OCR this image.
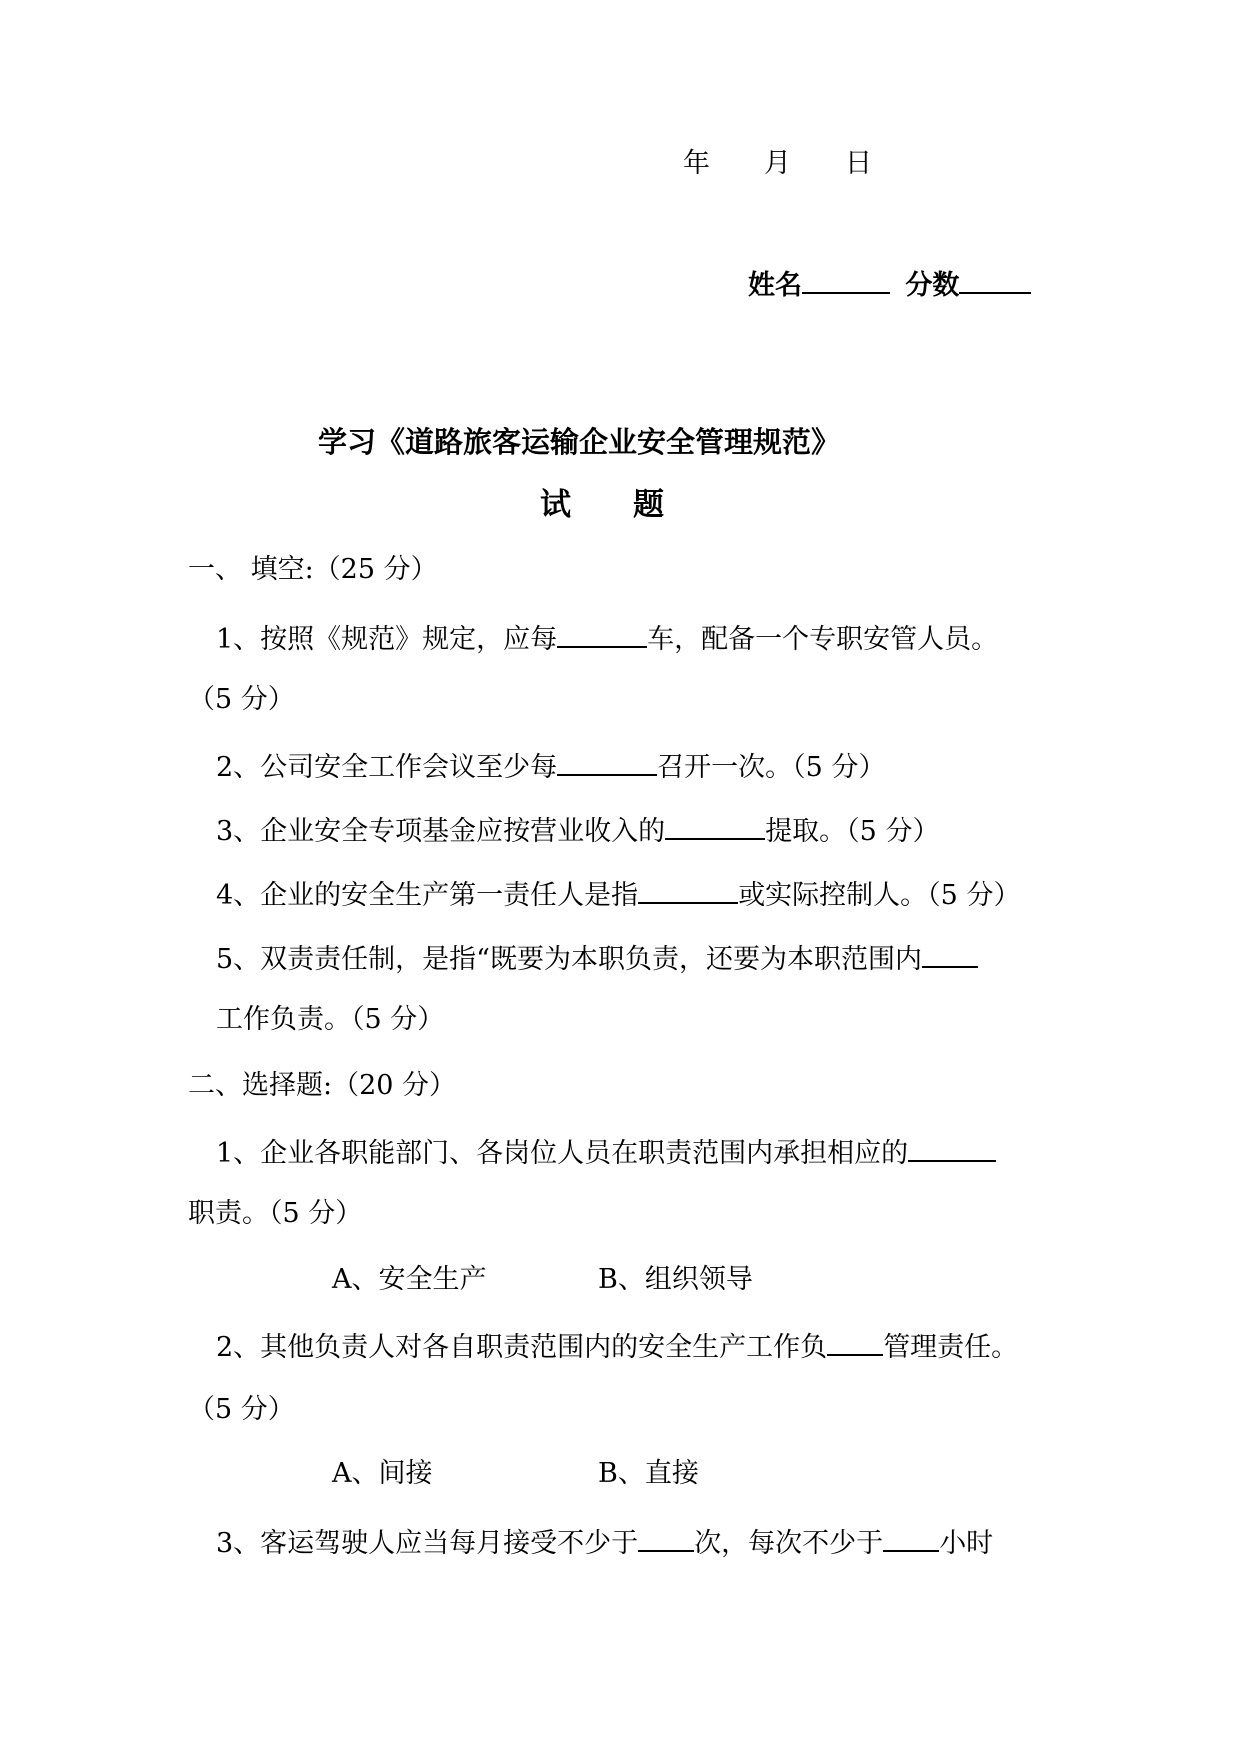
年　　月　　日
姓名	分数
学习《道路旅客运输企业安全管理规范》
试　　题
一、 填空:（25 分）
1、按照《规范》规定，应每	车，配备一个专职安管人员。
（5 分）
2、公司安全工作会议至少每	召开一次。（5 分）
3、企业安全专项基金应按营业收入的	提取。（5 分）
4、企业的安全生产第一责任人是指	或实际控制人。（5 分）
5、双责责任制，是指“既要为本职负责，还要为本职范围内
工作负责。（5 分）
二、选择题:（20 分）
1、企业各职能部门、各岗位人员在职责范围内承担相应的
职责。（5 分）
A、安全生产	B、组织领导
2、其他负责人对各自职责范围内的安全生产工作负 管理责任。
（5 分）
A、间接	B、直接
3、客运驾驶人应当每月接受不少于 次，每次不少于 小时
